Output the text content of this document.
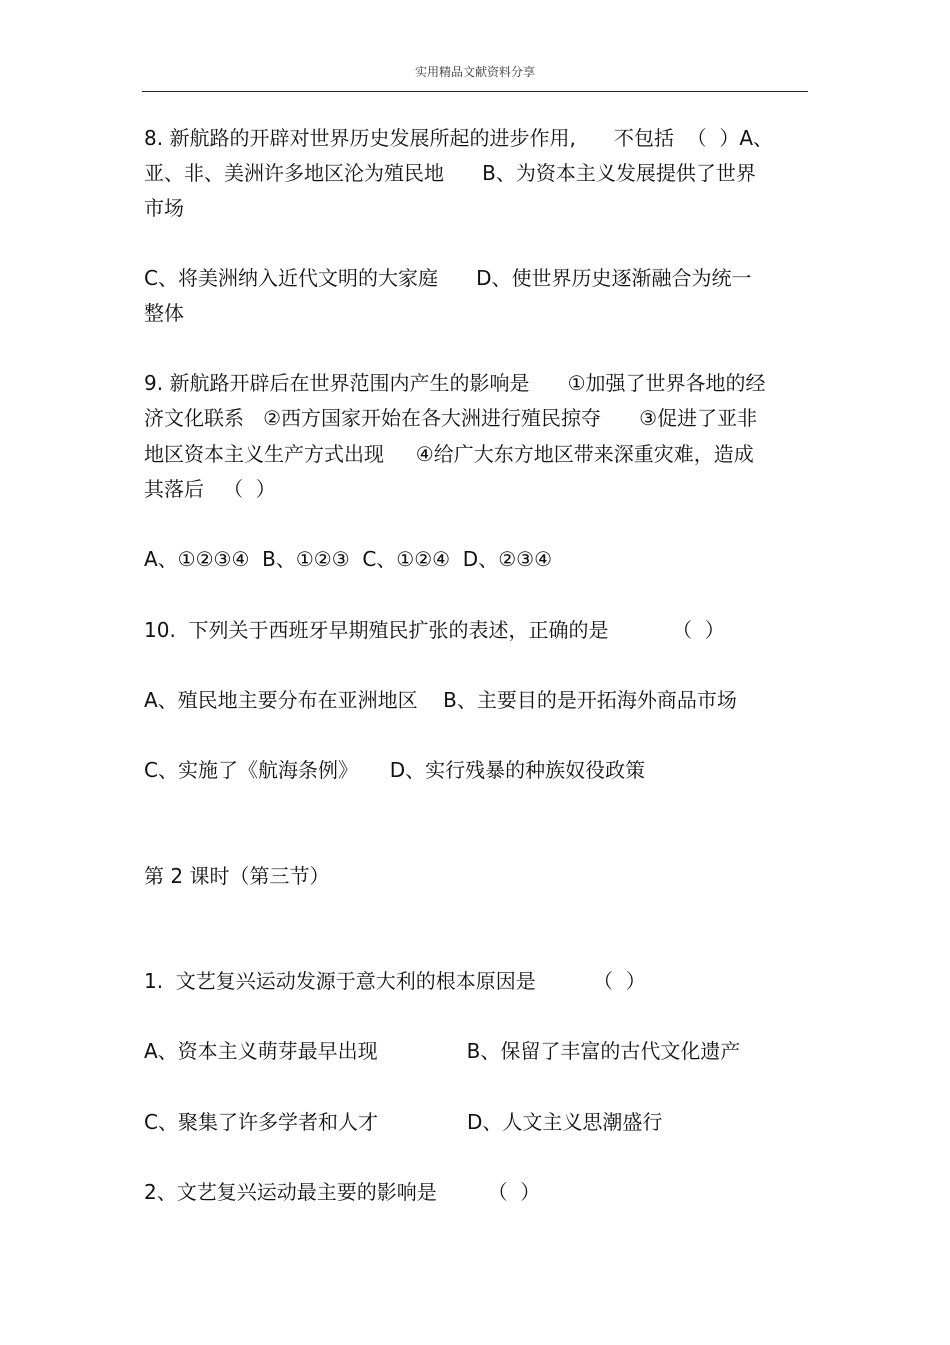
实用精品文献资料分享
8. 新航路的开辟对世界历史发展所起的进步作用,      不包括  （  ）A、
亚、非、美洲许多地区沦为殖民地      B、为资本主义发展提供了世界
市场
C、将美洲纳入近代文明的大家庭      D、使世界历史逐渐融合为统一
整体
9. 新航路开辟后在世界范围内产生的影响是      ①加强了世界各地的经
济文化联系   ②西方国家开始在各大洲进行殖民掠夺      ③促进了亚非
地区资本主义生产方式出现     ④给广大东方地区带来深重灾难，造成
其落后   （  ）
A、①②③④  B、①②③  C、①②④  D、②③④
10.  下列关于西班牙早期殖民扩张的表述，正确的是          （  ）
A、殖民地主要分布在亚洲地区    B、主要目的是开拓海外商品市场
C、实施了《航海条例》     D、实行残暴的种族奴役政策
第 2 课时（第三节）
1.  文艺复兴运动发源于意大利的根本原因是         （  ）
A、资本主义萌芽最早出现              B、保留了丰富的古代文化遗产
C、聚集了许多学者和人才              D、人文主义思潮盛行
2、文艺复兴运动最主要的影响是        （  ）
